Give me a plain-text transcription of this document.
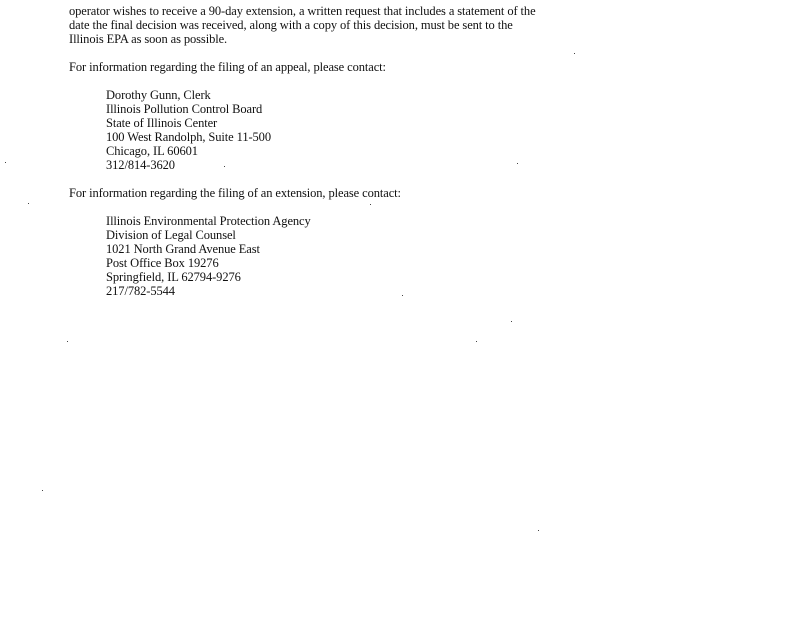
operator wishes to receive a 90-day extension, a written request that includes a statement of the
date the final decision was received, along with a copy of this decision, must be sent to the
Illinois EPA as soon as possible.
For information regarding the filing of an appeal, please contact:
Dorothy Gunn, Clerk
Illinois Pollution Control Board
State of Illinois Center
100 West Randolph, Suite 11-500
Chicago, IL 60601
312/814-3620
For information regarding the filing of an extension, please contact:
Illinois Environmental Protection Agency
Division of Legal Counsel
1021 North Grand Avenue East
Post Office Box 19276
Springfield, IL 62794-9276
217/782-5544
